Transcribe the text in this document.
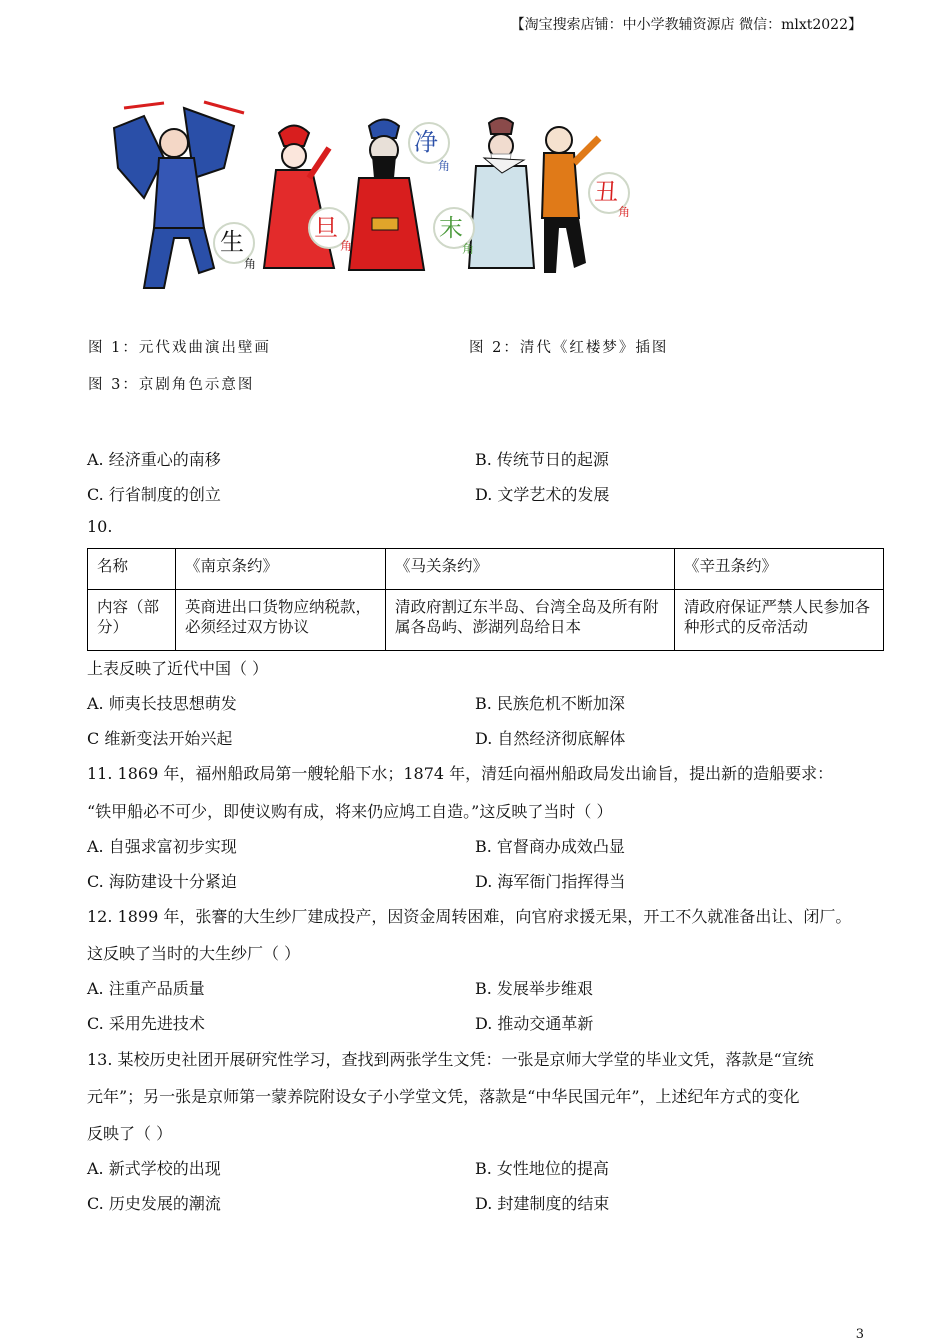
【淘宝搜索店铺：中小学教辅资源店 微信：mlxt2022】
生
角
旦
角
净
角
末
角
丑
角
图 1：元代戏曲演出壁画	图 2：清代《红楼梦》插图
图 3：京剧角色示意图
A. 经济重心的南移	B. 传统节日的起源
C. 行省制度的创立	D. 文学艺术的发展
10.
名称	《南京条约》	《马关条约》	《辛丑条约》
内容（部分）	英商进出口货物应纳税款，必须经过双方协议	清政府割辽东半岛、台湾全岛及所有附属各岛屿、澎湖列岛给日本	清政府保证严禁人民参加各种形式的反帝活动
上表反映了近代中国（ ）
A. 师夷长技思想萌发	B. 民族危机不断加深
C 维新变法开始兴起	D. 自然经济彻底解体
11. 1869 年，福州船政局第一艘轮船下水；1874 年，清廷向福州船政局发出谕旨，提出新的造船要求：
“铁甲船必不可少，即使议购有成，将来仍应鸠工自造。”这反映了当时（ ）
A. 自强求富初步实现	B. 官督商办成效凸显
C. 海防建设十分紧迫	D. 海军衙门指挥得当
12. 1899 年，张謇的大生纱厂建成投产，因资金周转困难，向官府求援无果，开工不久就准备出让、闭厂。
这反映了当时的大生纱厂（ ）
A. 注重产品质量	B. 发展举步维艰
C. 采用先进技术	D. 推动交通革新
13. 某校历史社团开展研究性学习，查找到两张学生文凭：一张是京师大学堂的毕业文凭，落款是“宣统
元年”；另一张是京师第一蒙养院附设女子小学堂文凭，落款是“中华民国元年”，上述纪年方式的变化
反映了（ ）
A. 新式学校的出现	B. 女性地位的提高
C. 历史发展的潮流	D. 封建制度的结束
3
